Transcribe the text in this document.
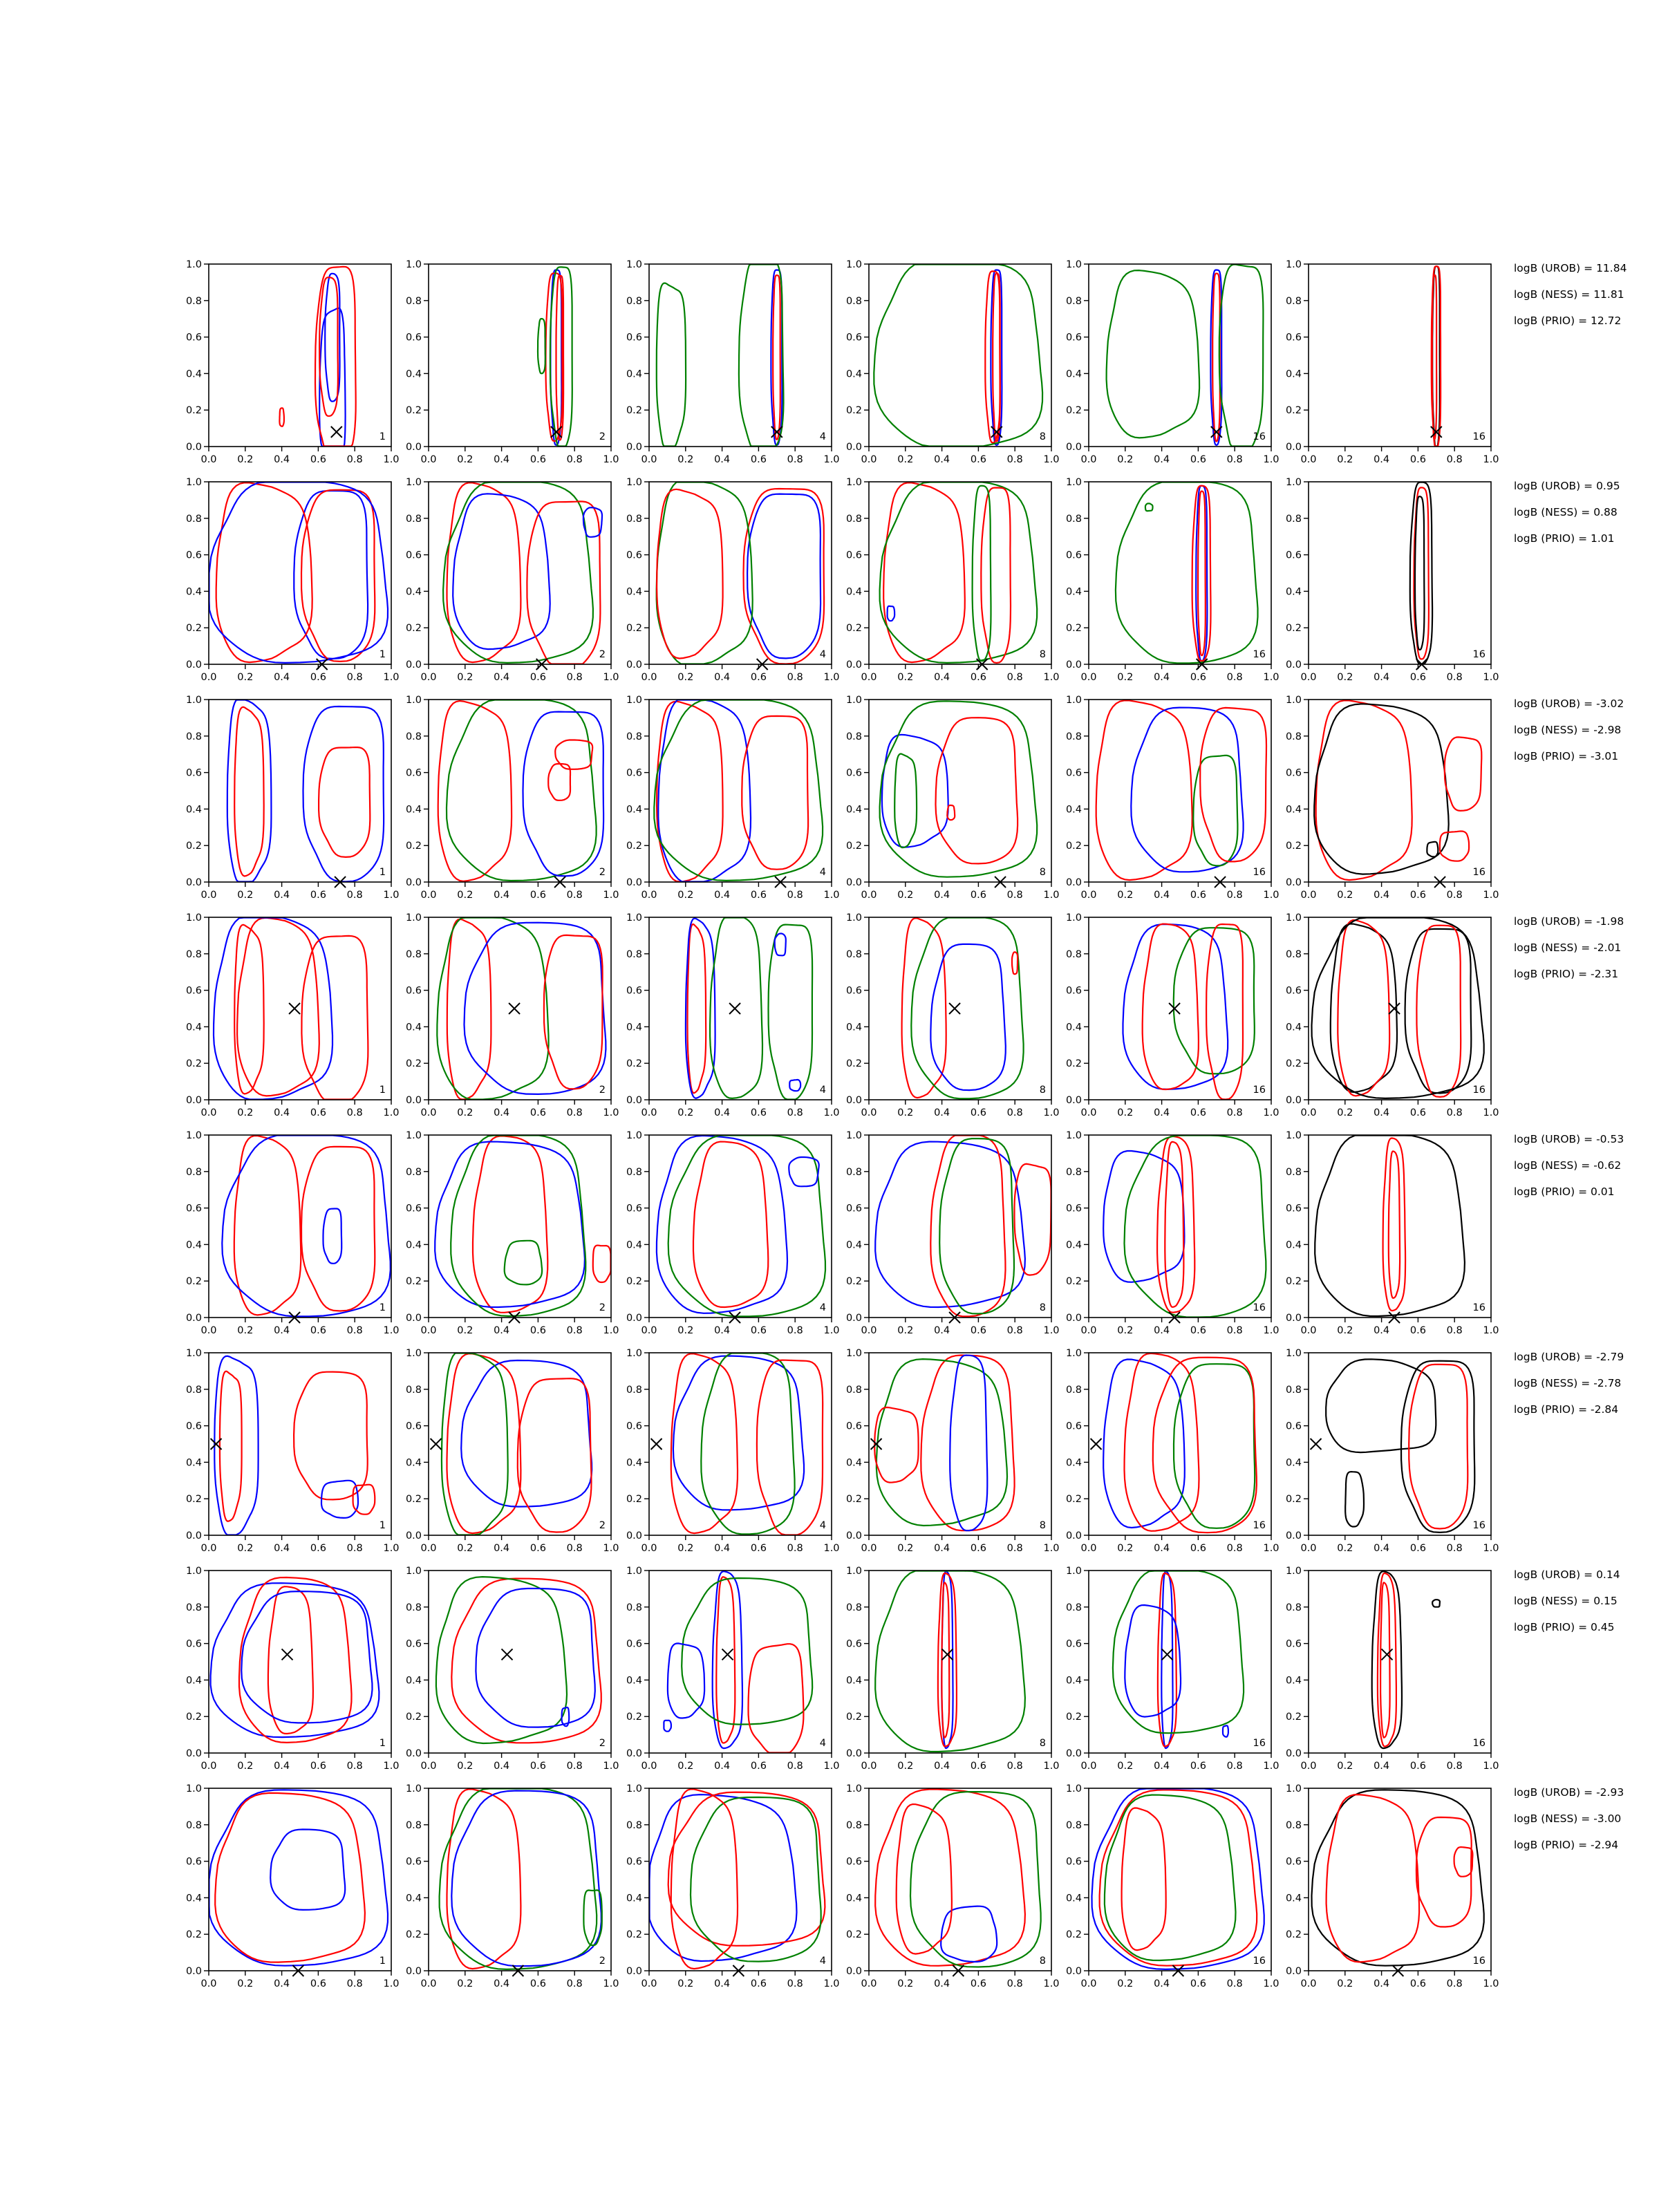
0.0
0.0
0.2
0.2
0.4
0.4
0.6
0.6
0.8
0.8
1.0
1.0
1
0.0
0.0
0.2
0.2
0.4
0.4
0.6
0.6
0.8
0.8
1.0
1.0
2
0.0
0.0
0.2
0.2
0.4
0.4
0.6
0.6
0.8
0.8
1.0
1.0
4
0.0
0.0
0.2
0.2
0.4
0.4
0.6
0.6
0.8
0.8
1.0
1.0
8
0.0
0.0
0.2
0.2
0.4
0.4
0.6
0.6
0.8
0.8
1.0
1.0
16
0.0
0.0
0.2
0.2
0.4
0.4
0.6
0.6
0.8
0.8
1.0
1.0
16
0.0
0.0
0.2
0.2
0.4
0.4
0.6
0.6
0.8
0.8
1.0
1.0
1
0.0
0.0
0.2
0.2
0.4
0.4
0.6
0.6
0.8
0.8
1.0
1.0
2
0.0
0.0
0.2
0.2
0.4
0.4
0.6
0.6
0.8
0.8
1.0
1.0
4
0.0
0.0
0.2
0.2
0.4
0.4
0.6
0.6
0.8
0.8
1.0
1.0
8
0.0
0.0
0.2
0.2
0.4
0.4
0.6
0.6
0.8
0.8
1.0
1.0
16
0.0
0.0
0.2
0.2
0.4
0.4
0.6
0.6
0.8
0.8
1.0
1.0
16
0.0
0.0
0.2
0.2
0.4
0.4
0.6
0.6
0.8
0.8
1.0
1.0
1
0.0
0.0
0.2
0.2
0.4
0.4
0.6
0.6
0.8
0.8
1.0
1.0
2
0.0
0.0
0.2
0.2
0.4
0.4
0.6
0.6
0.8
0.8
1.0
1.0
4
0.0
0.0
0.2
0.2
0.4
0.4
0.6
0.6
0.8
0.8
1.0
1.0
8
0.0
0.0
0.2
0.2
0.4
0.4
0.6
0.6
0.8
0.8
1.0
1.0
16
0.0
0.0
0.2
0.2
0.4
0.4
0.6
0.6
0.8
0.8
1.0
1.0
16
0.0
0.0
0.2
0.2
0.4
0.4
0.6
0.6
0.8
0.8
1.0
1.0
1
0.0
0.0
0.2
0.2
0.4
0.4
0.6
0.6
0.8
0.8
1.0
1.0
2
0.0
0.0
0.2
0.2
0.4
0.4
0.6
0.6
0.8
0.8
1.0
1.0
4
0.0
0.0
0.2
0.2
0.4
0.4
0.6
0.6
0.8
0.8
1.0
1.0
8
0.0
0.0
0.2
0.2
0.4
0.4
0.6
0.6
0.8
0.8
1.0
1.0
16
0.0
0.0
0.2
0.2
0.4
0.4
0.6
0.6
0.8
0.8
1.0
1.0
16
0.0
0.0
0.2
0.2
0.4
0.4
0.6
0.6
0.8
0.8
1.0
1.0
1
0.0
0.0
0.2
0.2
0.4
0.4
0.6
0.6
0.8
0.8
1.0
1.0
2
0.0
0.0
0.2
0.2
0.4
0.4
0.6
0.6
0.8
0.8
1.0
1.0
4
0.0
0.0
0.2
0.2
0.4
0.4
0.6
0.6
0.8
0.8
1.0
1.0
8
0.0
0.0
0.2
0.2
0.4
0.4
0.6
0.6
0.8
0.8
1.0
1.0
16
0.0
0.0
0.2
0.2
0.4
0.4
0.6
0.6
0.8
0.8
1.0
1.0
16
0.0
0.0
0.2
0.2
0.4
0.4
0.6
0.6
0.8
0.8
1.0
1.0
1
0.0
0.0
0.2
0.2
0.4
0.4
0.6
0.6
0.8
0.8
1.0
1.0
2
0.0
0.0
0.2
0.2
0.4
0.4
0.6
0.6
0.8
0.8
1.0
1.0
4
0.0
0.0
0.2
0.2
0.4
0.4
0.6
0.6
0.8
0.8
1.0
1.0
8
0.0
0.0
0.2
0.2
0.4
0.4
0.6
0.6
0.8
0.8
1.0
1.0
16
0.0
0.0
0.2
0.2
0.4
0.4
0.6
0.6
0.8
0.8
1.0
1.0
16
0.0
0.0
0.2
0.2
0.4
0.4
0.6
0.6
0.8
0.8
1.0
1.0
1
0.0
0.0
0.2
0.2
0.4
0.4
0.6
0.6
0.8
0.8
1.0
1.0
2
0.0
0.0
0.2
0.2
0.4
0.4
0.6
0.6
0.8
0.8
1.0
1.0
4
0.0
0.0
0.2
0.2
0.4
0.4
0.6
0.6
0.8
0.8
1.0
1.0
8
0.0
0.0
0.2
0.2
0.4
0.4
0.6
0.6
0.8
0.8
1.0
1.0
16
0.0
0.0
0.2
0.2
0.4
0.4
0.6
0.6
0.8
0.8
1.0
1.0
16
0.0
0.0
0.2
0.2
0.4
0.4
0.6
0.6
0.8
0.8
1.0
1.0
1
0.0
0.0
0.2
0.2
0.4
0.4
0.6
0.6
0.8
0.8
1.0
1.0
2
0.0
0.0
0.2
0.2
0.4
0.4
0.6
0.6
0.8
0.8
1.0
1.0
4
0.0
0.0
0.2
0.2
0.4
0.4
0.6
0.6
0.8
0.8
1.0
1.0
8
0.0
0.0
0.2
0.2
0.4
0.4
0.6
0.6
0.8
0.8
1.0
1.0
16
0.0
0.0
0.2
0.2
0.4
0.4
0.6
0.6
0.8
0.8
1.0
1.0
16
logB (UROB) = 11.84
logB (NESS) = 11.81
logB (PRIO) = 12.72
logB (UROB) = 0.95
logB (NESS) = 0.88
logB (PRIO) = 1.01
logB (UROB) = -3.02
logB (NESS) = -2.98
logB (PRIO) = -3.01
logB (UROB) = -1.98
logB (NESS) = -2.01
logB (PRIO) = -2.31
logB (UROB) = -0.53
logB (NESS) = -0.62
logB (PRIO) = 0.01
logB (UROB) = -2.79
logB (NESS) = -2.78
logB (PRIO) = -2.84
logB (UROB) = 0.14
logB (NESS) = 0.15
logB (PRIO) = 0.45
logB (UROB) = -2.93
logB (NESS) = -3.00
logB (PRIO) = -2.94
